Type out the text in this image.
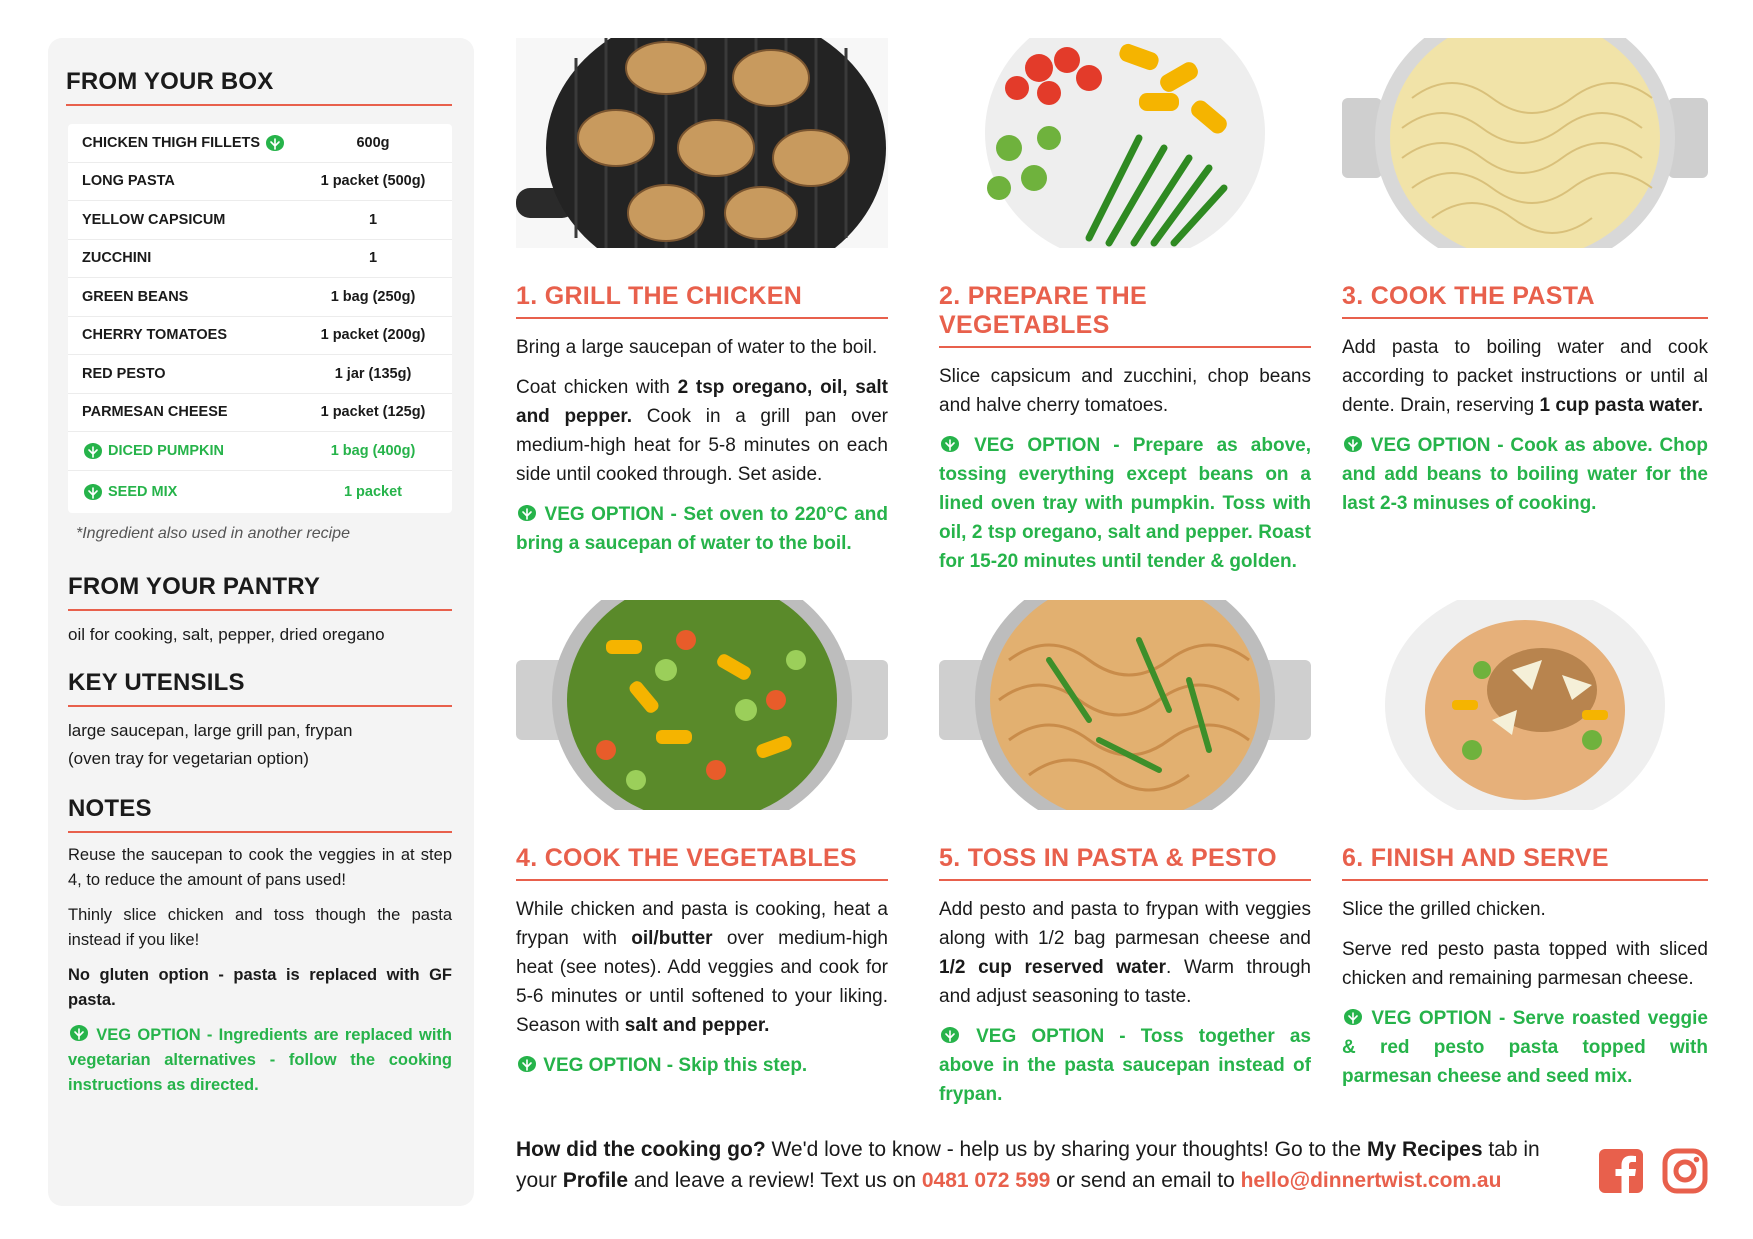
FROM YOUR BOX
CHICKEN THIGH FILLETS	600g
LONG PASTA	1 packet (500g)
YELLOW CAPSICUM	1
ZUCCHINI	1
GREEN BEANS	1 bag (250g)
CHERRY TOMATOES	1 packet (200g)
RED PESTO	1 jar (135g)
PARMESAN CHEESE	1 packet (125g)
DICED PUMPKIN	1 bag (400g)
SEED MIX	1 packet
*Ingredient also used in another recipe
FROM YOUR PANTRY
oil for cooking, salt, pepper, dried oregano
KEY UTENSILS
large saucepan, large grill pan, frypan
(oven tray for vegetarian option)
NOTES

Reuse the saucepan to cook the veggies in at step 4, to reduce the amount of pans used!

Thinly slice chicken and toss though the pasta instead if you like!

No gluten option - pasta is replaced with GF pasta.

VEG OPTION - Ingredients are replaced with vegetarian alternatives - follow the cooking instructions as directed.

1. GRILL THE CHICKEN

Bring a large saucepan of water to the boil.

Coat chicken with 2 tsp oregano, oil, salt and pepper. Cook in a grill pan over medium-high heat for 5-8 minutes on each side until cooked through. Set aside.

VEG OPTION - Set oven to 220°C and bring a saucepan of water to the boil.

2. PREPARE THE VEGETABLES

Slice capsicum and zucchini, chop beans and halve cherry tomatoes.

VEG OPTION - Prepare as above, tossing everything except beans on a lined oven tray with pumpkin. Toss with oil, 2 tsp oregano, salt and pepper. Roast for 15-20 minutes until tender & golden.

3. COOK THE PASTA

Add pasta to boiling water and cook according to packet instructions or until al dente. Drain, reserving 1 cup pasta water.

VEG OPTION - Cook as above. Chop and add beans to boiling water for the last 2-3 minuses of cooking.

4. COOK THE VEGETABLES

While chicken and pasta is cooking, heat a frypan with oil/butter over medium-high heat (see notes). Add veggies and cook for 5-6 minutes or until softened to your liking. Season with salt and pepper.

VEG OPTION - Skip this step.

5. TOSS IN PASTA & PESTO

Add pesto and pasta to frypan with veggies along with 1/2 bag parmesan cheese and 1/2 cup reserved water. Warm through and adjust seasoning to taste.

VEG OPTION - Toss together as above in the pasta saucepan instead of frypan.

6. FINISH AND SERVE

Slice the grilled chicken.

Serve red pesto pasta topped with sliced chicken and remaining parmesan cheese.

VEG OPTION - Serve roasted veggie & red pesto pasta topped with parmesan cheese and seed mix.

How did the cooking go? We'd love to know - help us by sharing your thoughts! Go to the My Recipes tab in your Profile and leave a review! Text us on 0481 072 599 or send an email to hello@dinnertwist.com.au
